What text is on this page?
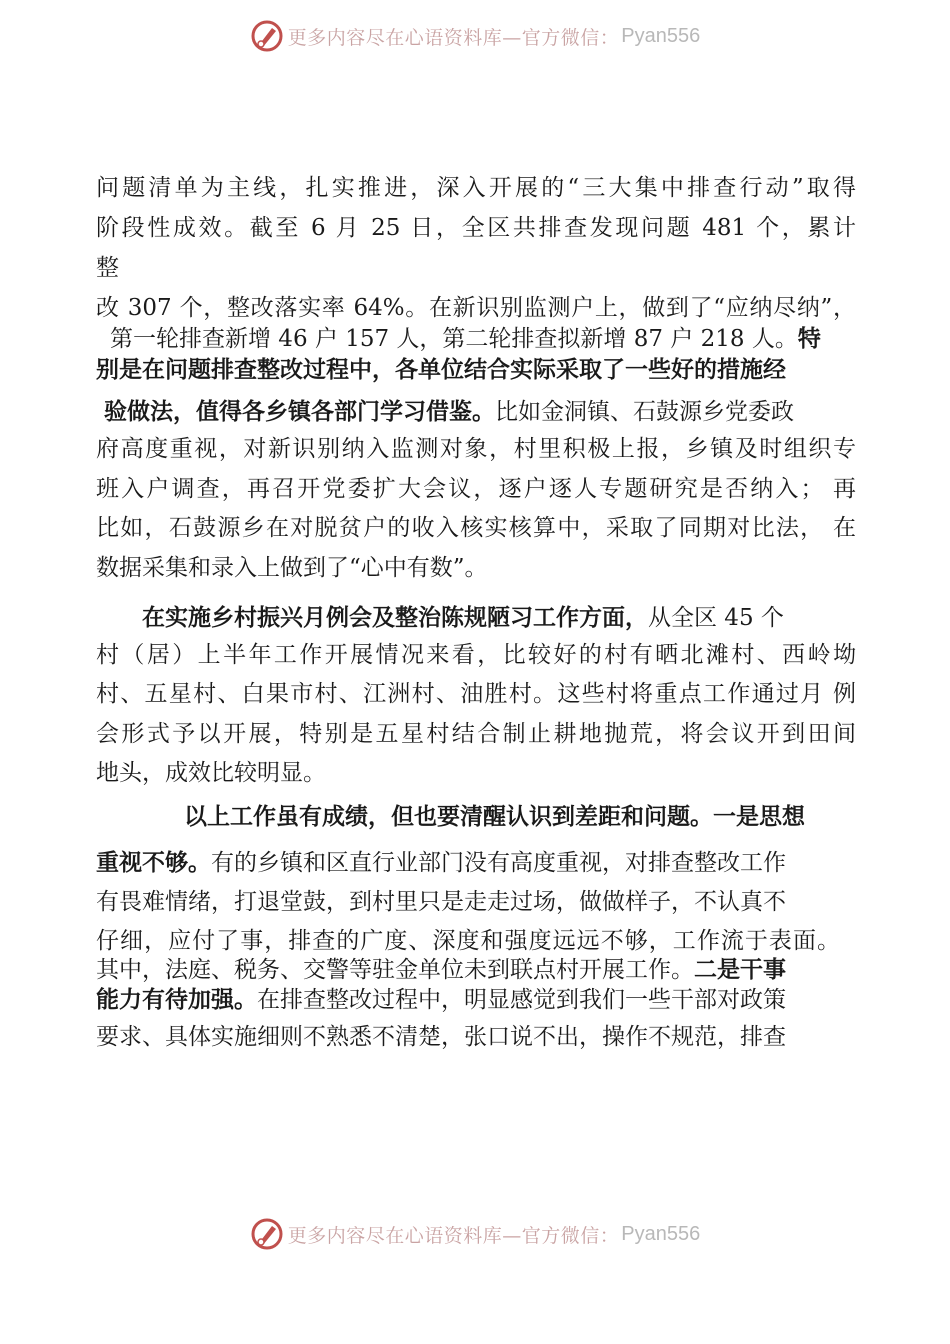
更多内容尽在心语资料库—官方微信： Pyan556
问题清单为主线，扎实推进，深入开展的“三大集中排查行动”取得
阶段性成效。截至 6 月 25 日，全区共排查发现问题 481 个，累计
整
改 307 个，整改落实率 64%。在新识别监测户上，做到了“应纳尽纳”，
第一轮排查新增 46 户 157 人，第二轮排查拟新增 87 户 218 人。特
别是在问题排查整改过程中，各单位结合实际采取了一些好的措施经
验做法，值得各乡镇各部门学习借鉴。比如金洞镇、石鼓源乡党委政
府高度重视，对新识别纳入监测对象，村里积极上报，乡镇及时组织专
班入户调查，再召开党委扩大会议，逐户逐人专题研究是否纳入； 再
比如，石鼓源乡在对脱贫户的收入核实核算中，采取了同期对比法， 在
数据采集和录入上做到了“心中有数”。
在实施乡村振兴月例会及整治陈规陋习工作方面，从全区 45 个
村（居）上半年工作开展情况来看，比较好的村有晒北滩村、西岭坳
村、五星村、白果市村、江洲村、油胜村。这些村将重点工作通过月 例
会形式予以开展，特别是五星村结合制止耕地抛荒，将会议开到田间
地头，成效比较明显。
以上工作虽有成绩，但也要清醒认识到差距和问题。一是思想
重视不够。有的乡镇和区直行业部门没有高度重视，对排查整改工作
有畏难情绪，打退堂鼓，到村里只是走走过场，做做样子，不认真不
仔细，应付了事，排查的广度、深度和强度远远不够，工作流于表面。
其中，法庭、税务、交警等驻金单位未到联点村开展工作。二是干事
能力有待加强。在排查整改过程中，明显感觉到我们一些干部对政策
要求、具体实施细则不熟悉不清楚，张口说不出，操作不规范，排查
更多内容尽在心语资料库—官方微信： Pyan556
